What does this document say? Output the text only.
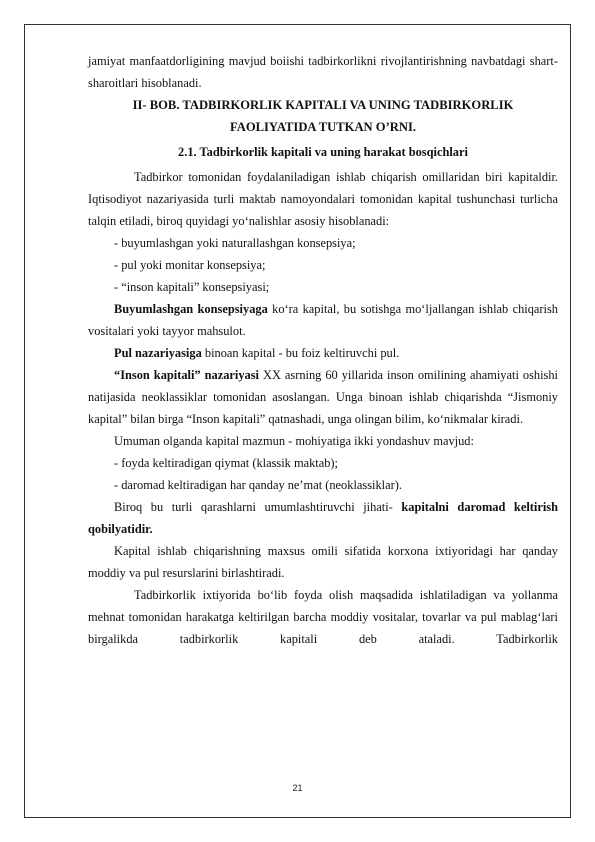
jamiyat manfaatdorligining mavjud boiishi tadbirkorlikni rivojlantirishning navbatdagi shart-sharoitlari hisoblanadi.

II- BOB. TADBIRKORLIK KAPITALI VA UNING TADBIRKORLIK FAOLIYATIDA TUTKAN O’RNI.
2.1. Tadbirkorlik kapitali va uning harakat bosqichlari

Tadbirkor tomonidan foydalaniladigan ishlab chiqarish omillaridan biri kapitaldir. Iqtisodiyot nazariyasida turli maktab namoyondalari tomonidan kapital tushunchasi turlicha talqin etiladi, biroq quyidagi yo‘nalishlar asosiy hisoblanadi:

- buyumlashgan yoki naturallashgan konsepsiya;

- pul yoki monitar konsepsiya;

- “inson kapitali” konsepsiyasi;

Buyumlashgan konsepsiyaga ko‘ra kapital, bu sotishga mo‘ljallangan ishlab chiqarish vositalari yoki tayyor mahsulot.

Pul nazariyasiga binoan kapital - bu foiz keltiruvchi pul.

“Inson kapitali” nazariyasi XX asrning 60 yillarida inson omilining ahamiyati oshishi natijasida neoklassiklar tomonidan asoslangan. Unga binoan ishlab chiqarishda “Jismoniy kapital” bilan birga “Inson kapitali” qatnashadi, unga olingan bilim, ko‘nikmalar kiradi.

Umuman olganda kapital mazmun - mohiyatiga ikki yondashuv mavjud:

- foyda keltiradigan qiymat (klassik maktab);

- daromad keltiradigan har qanday ne’mat (neoklassiklar).

Biroq bu turli qarashlarni umumlashtiruvchi jihati- kapitalni daromad keltirish qobilyatidir.

Kapital ishlab chiqarishning maxsus omili sifatida korxona ixtiyoridagi har qanday moddiy va pul resurslarini birlashtiradi.

Tadbirkorlik ixtiyorida bo‘lib foyda olish maqsadida ishlatiladigan va yollanma mehnat tomonidan harakatga keltirilgan barcha moddiy vositalar, tovarlar va pul mablag‘lari birgalikda tadbirkorlik kapitali deb ataladi. Tadbirkorlik

21
